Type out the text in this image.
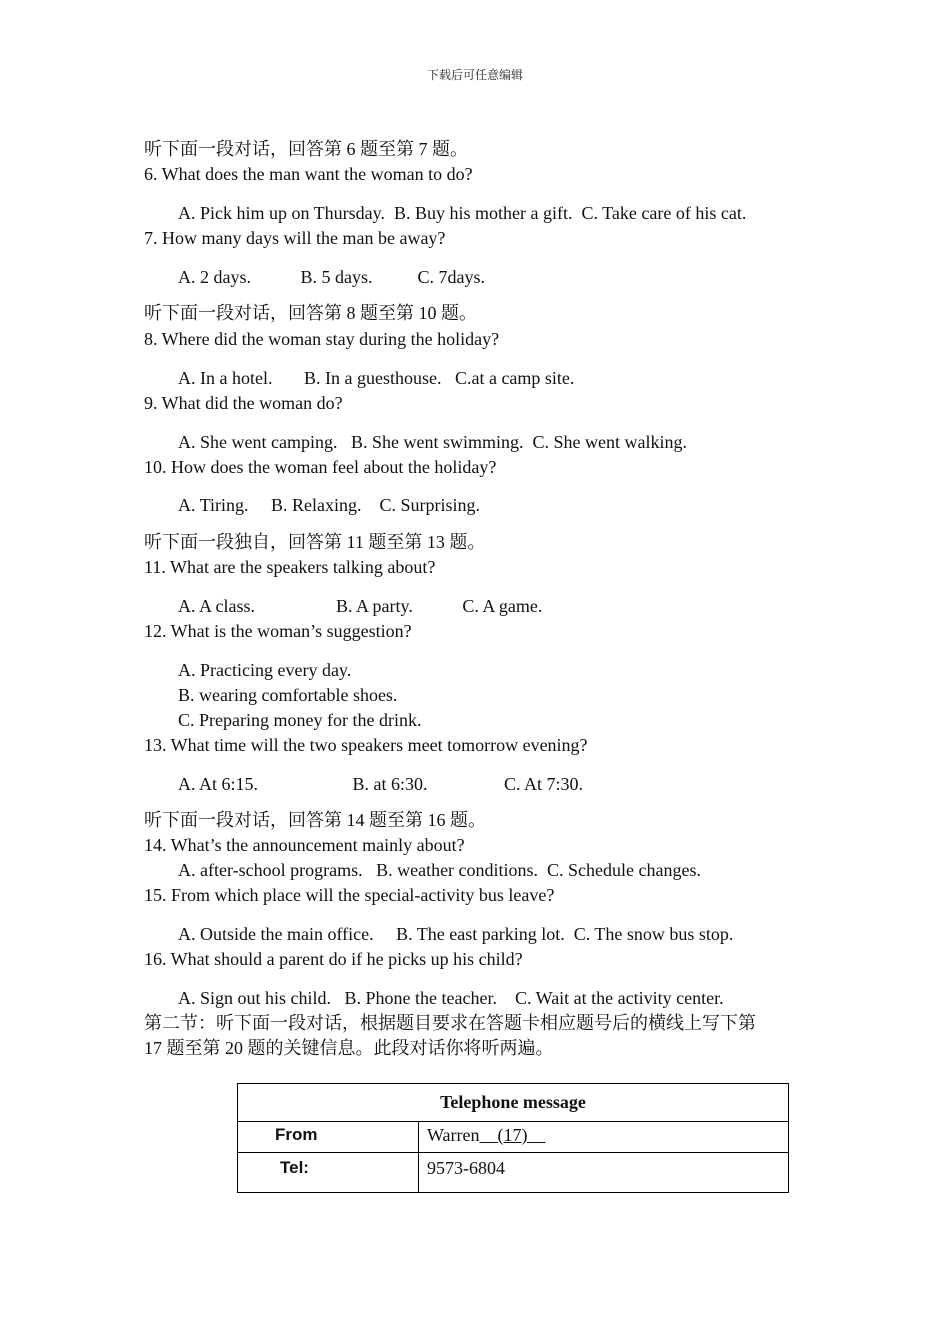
下载后可任意编辑
听下面一段对话，回答第 6 题至第 7 题。
6. What does the man want the woman to do?
A. Pick him up on Thursday.  B. Buy his mother a gift.  C. Take care of his cat.
7. How many days will the man be away?
A. 2 days.           B. 5 days.          C. 7days.
听下面一段对话，回答第 8 题至第 10 题。
8. Where did the woman stay during the holiday?
A. In a hotel.       B. In a guesthouse.   C.at a camp site.
9. What did the woman do?
A. She went camping.   B. She went swimming.  C. She went walking.
10. How does the woman feel about the holiday?
A. Tiring.     B. Relaxing.    C. Surprising.
听下面一段独自，回答第 11 题至第 13 题。
11. What are the speakers talking about?
A. A class.                  B. A party.           C. A game.
12. What is the woman’s suggestion?
A. Practicing every day.
B. wearing comfortable shoes.
C. Preparing money for the drink.
13. What time will the two speakers meet tomorrow evening?
A. At 6:15.                     B. at 6:30.                 C. At 7:30.
听下面一段对话，回答第 14 题至第 16 题。
14. What’s the announcement mainly about?
A. after-school programs.   B. weather conditions.  C. Schedule changes.
15. From which place will the special-activity bus leave?
A. Outside the main office.     B. The east parking lot.  C. The snow bus stop.
16. What should a parent do if he picks up his child?
A. Sign out his child.   B. Phone the teacher.    C. Wait at the activity center.
第二节：听下面一段对话，根据题目要求在答题卡相应题号后的横线上写下第
17 题至第 20 题的关键信息。此段对话你将听两遍。
Telephone message
From	Warren    (17)
Tel:	9573-6804
